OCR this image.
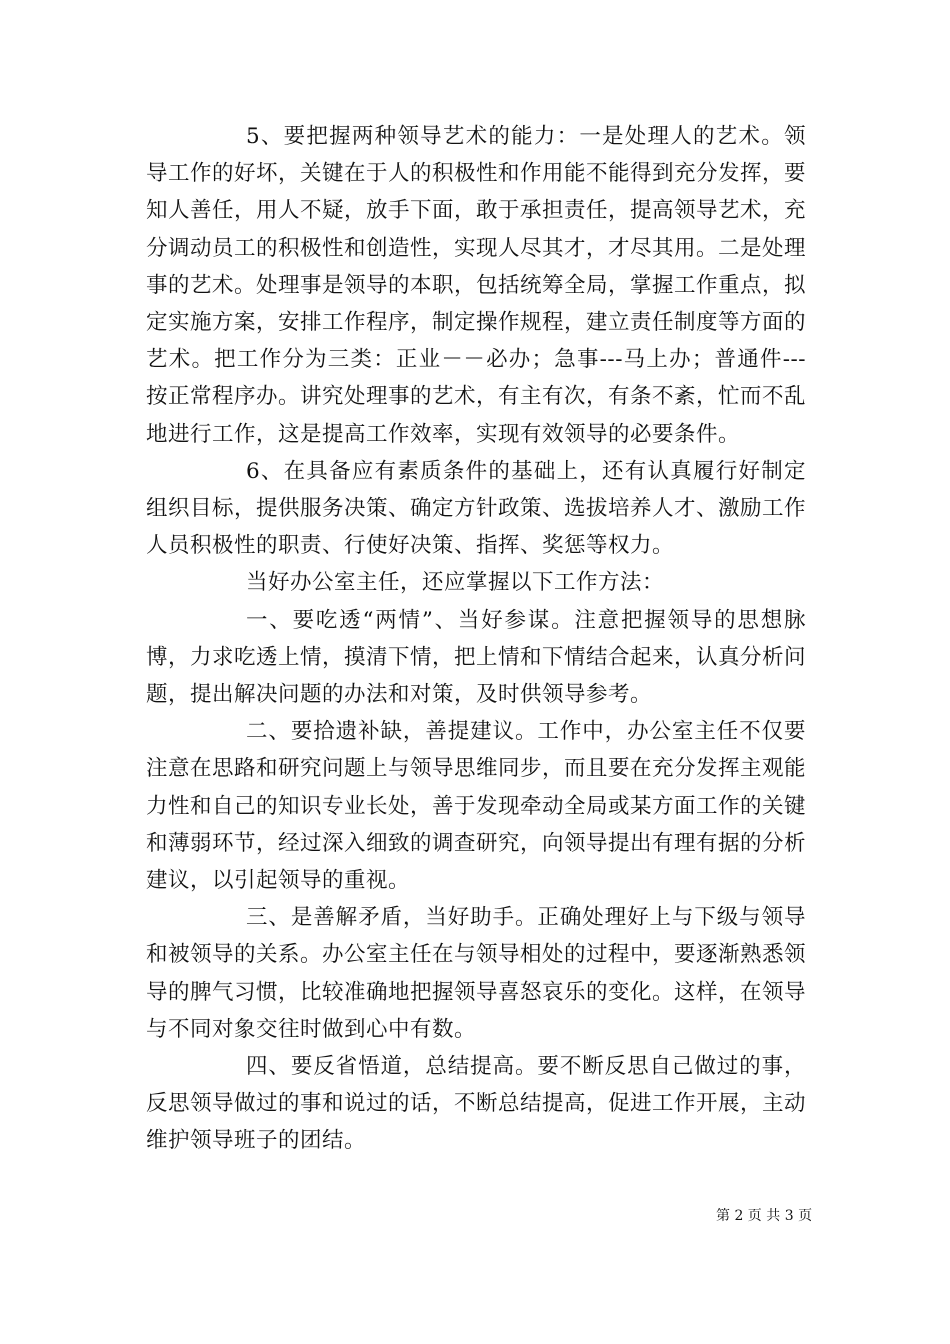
5、要把握两种领导艺术的能力：一是处理人的艺术。领导工作的好坏，关键在于人的积极性和作用能不能得到充分发挥，要知人善任，用人不疑，放手下面，敢于承担责任，提高领导艺术，充分调动员工的积极性和创造性，实现人尽其才，才尽其用。二是处理事的艺术。处理事是领导的本职，包括统筹全局，掌握工作重点，拟定实施方案，安排工作程序，制定操作规程，建立责任制度等方面的艺术。把工作分为三类：正业－－必办；急事---马上办；普通件---按正常程序办。讲究处理事的艺术，有主有次，有条不紊，忙而不乱地进行工作，这是提高工作效率，实现有效领导的必要条件。

6、在具备应有素质条件的基础上，还有认真履行好制定组织目标，提供服务决策、确定方针政策、选拔培养人才、激励工作人员积极性的职责、行使好决策、指挥、奖惩等权力。

当好办公室主任，还应掌握以下工作方法：

一、要吃透“两情”、当好参谋。注意把握领导的思想脉博，力求吃透上情，摸清下情，把上情和下情结合起来，认真分析问题，提出解决问题的办法和对策，及时供领导参考。

二、要拾遗补缺，善提建议。工作中，办公室主任不仅要注意在思路和研究问题上与领导思维同步，而且要在充分发挥主观能力性和自己的知识专业长处，善于发现牵动全局或某方面工作的关键和薄弱环节，经过深入细致的调查研究，向领导提出有理有据的分析建议，以引起领导的重视。

三、是善解矛盾，当好助手。正确处理好上与下级与领导和被领导的关系。办公室主任在与领导相处的过程中，要逐渐熟悉领导的脾气习惯，比较准确地把握领导喜怒哀乐的变化。这样，在领导与不同对象交往时做到心中有数。

四、要反省悟道，总结提高。要不断反思自己做过的事，反思领导做过的事和说过的话，不断总结提高，促进工作开展，主动维护领导班子的团结。

第 2 页 共 3 页
